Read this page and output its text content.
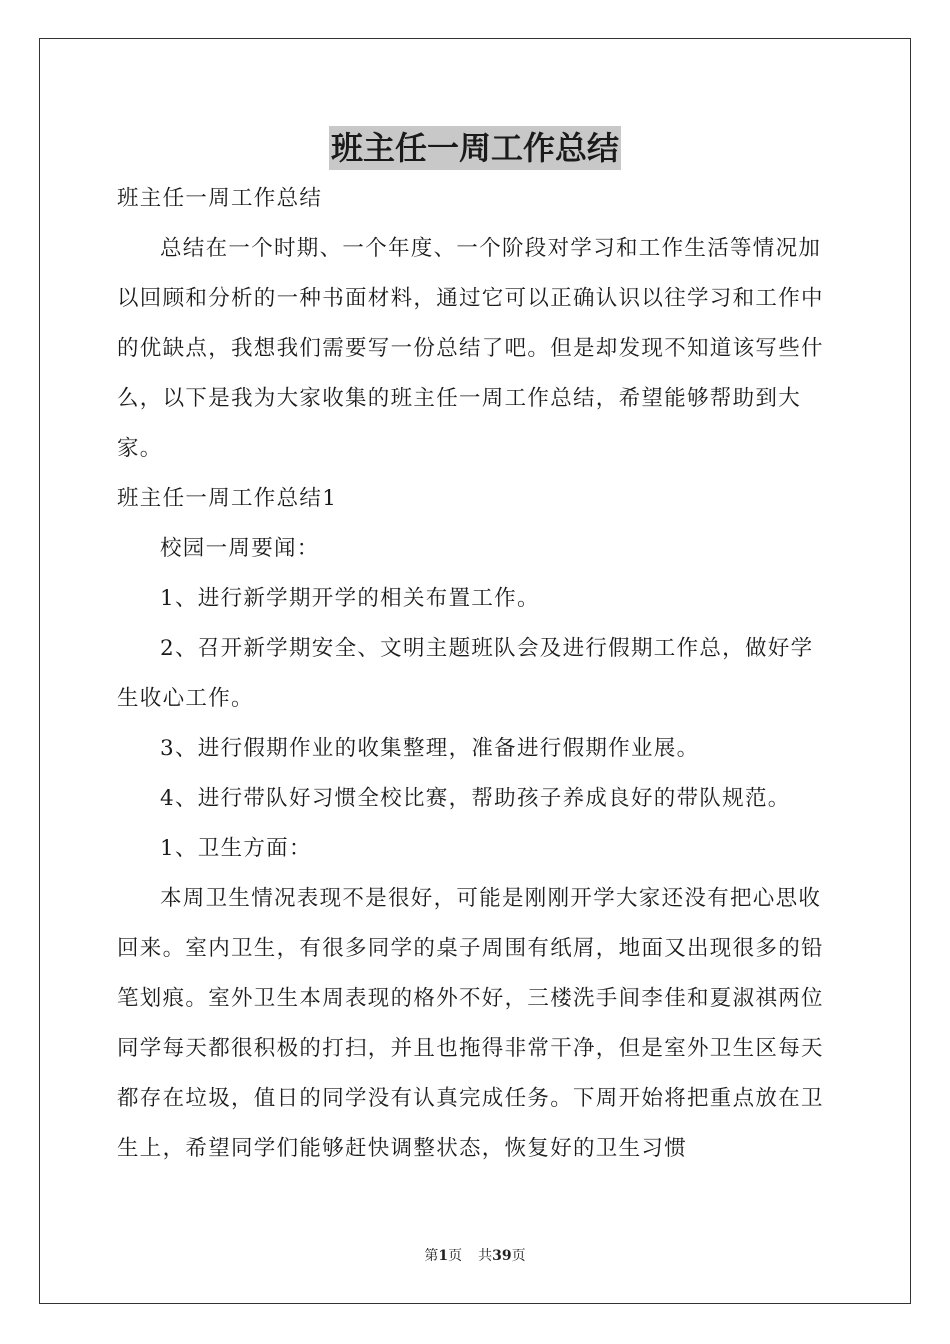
班主任一周工作总结

班主任一周工作总结

总结在一个时期、一个年度、一个阶段对学习和工作生活等情况加以回顾和分析的一种书面材料，通过它可以正确认识以往学习和工作中的优缺点，我想我们需要写一份总结了吧。但是却发现不知道该写些什么，以下是我为大家收集的班主任一周工作总结，希望能够帮助到大家。

班主任一周工作总结1

校园一周要闻：

1、进行新学期开学的相关布置工作。

2、召开新学期安全、文明主题班队会及进行假期工作总，做好学生收心工作。

3、进行假期作业的收集整理，准备进行假期作业展。

4、进行带队好习惯全校比赛，帮助孩子养成良好的带队规范。

1、卫生方面：

本周卫生情况表现不是很好，可能是刚刚开学大家还没有把心思收回来。室内卫生，有很多同学的桌子周围有纸屑，地面又出现很多的铅笔划痕。室外卫生本周表现的格外不好，三楼洗手间李佳和夏淑祺两位同学每天都很积极的打扫，并且也拖得非常干净，但是室外卫生区每天都存在垃圾，值日的同学没有认真完成任务。下周开始将把重点放在卫生上，希望同学们能够赶快调整状态，恢复好的卫生习惯

第1页 共39页
